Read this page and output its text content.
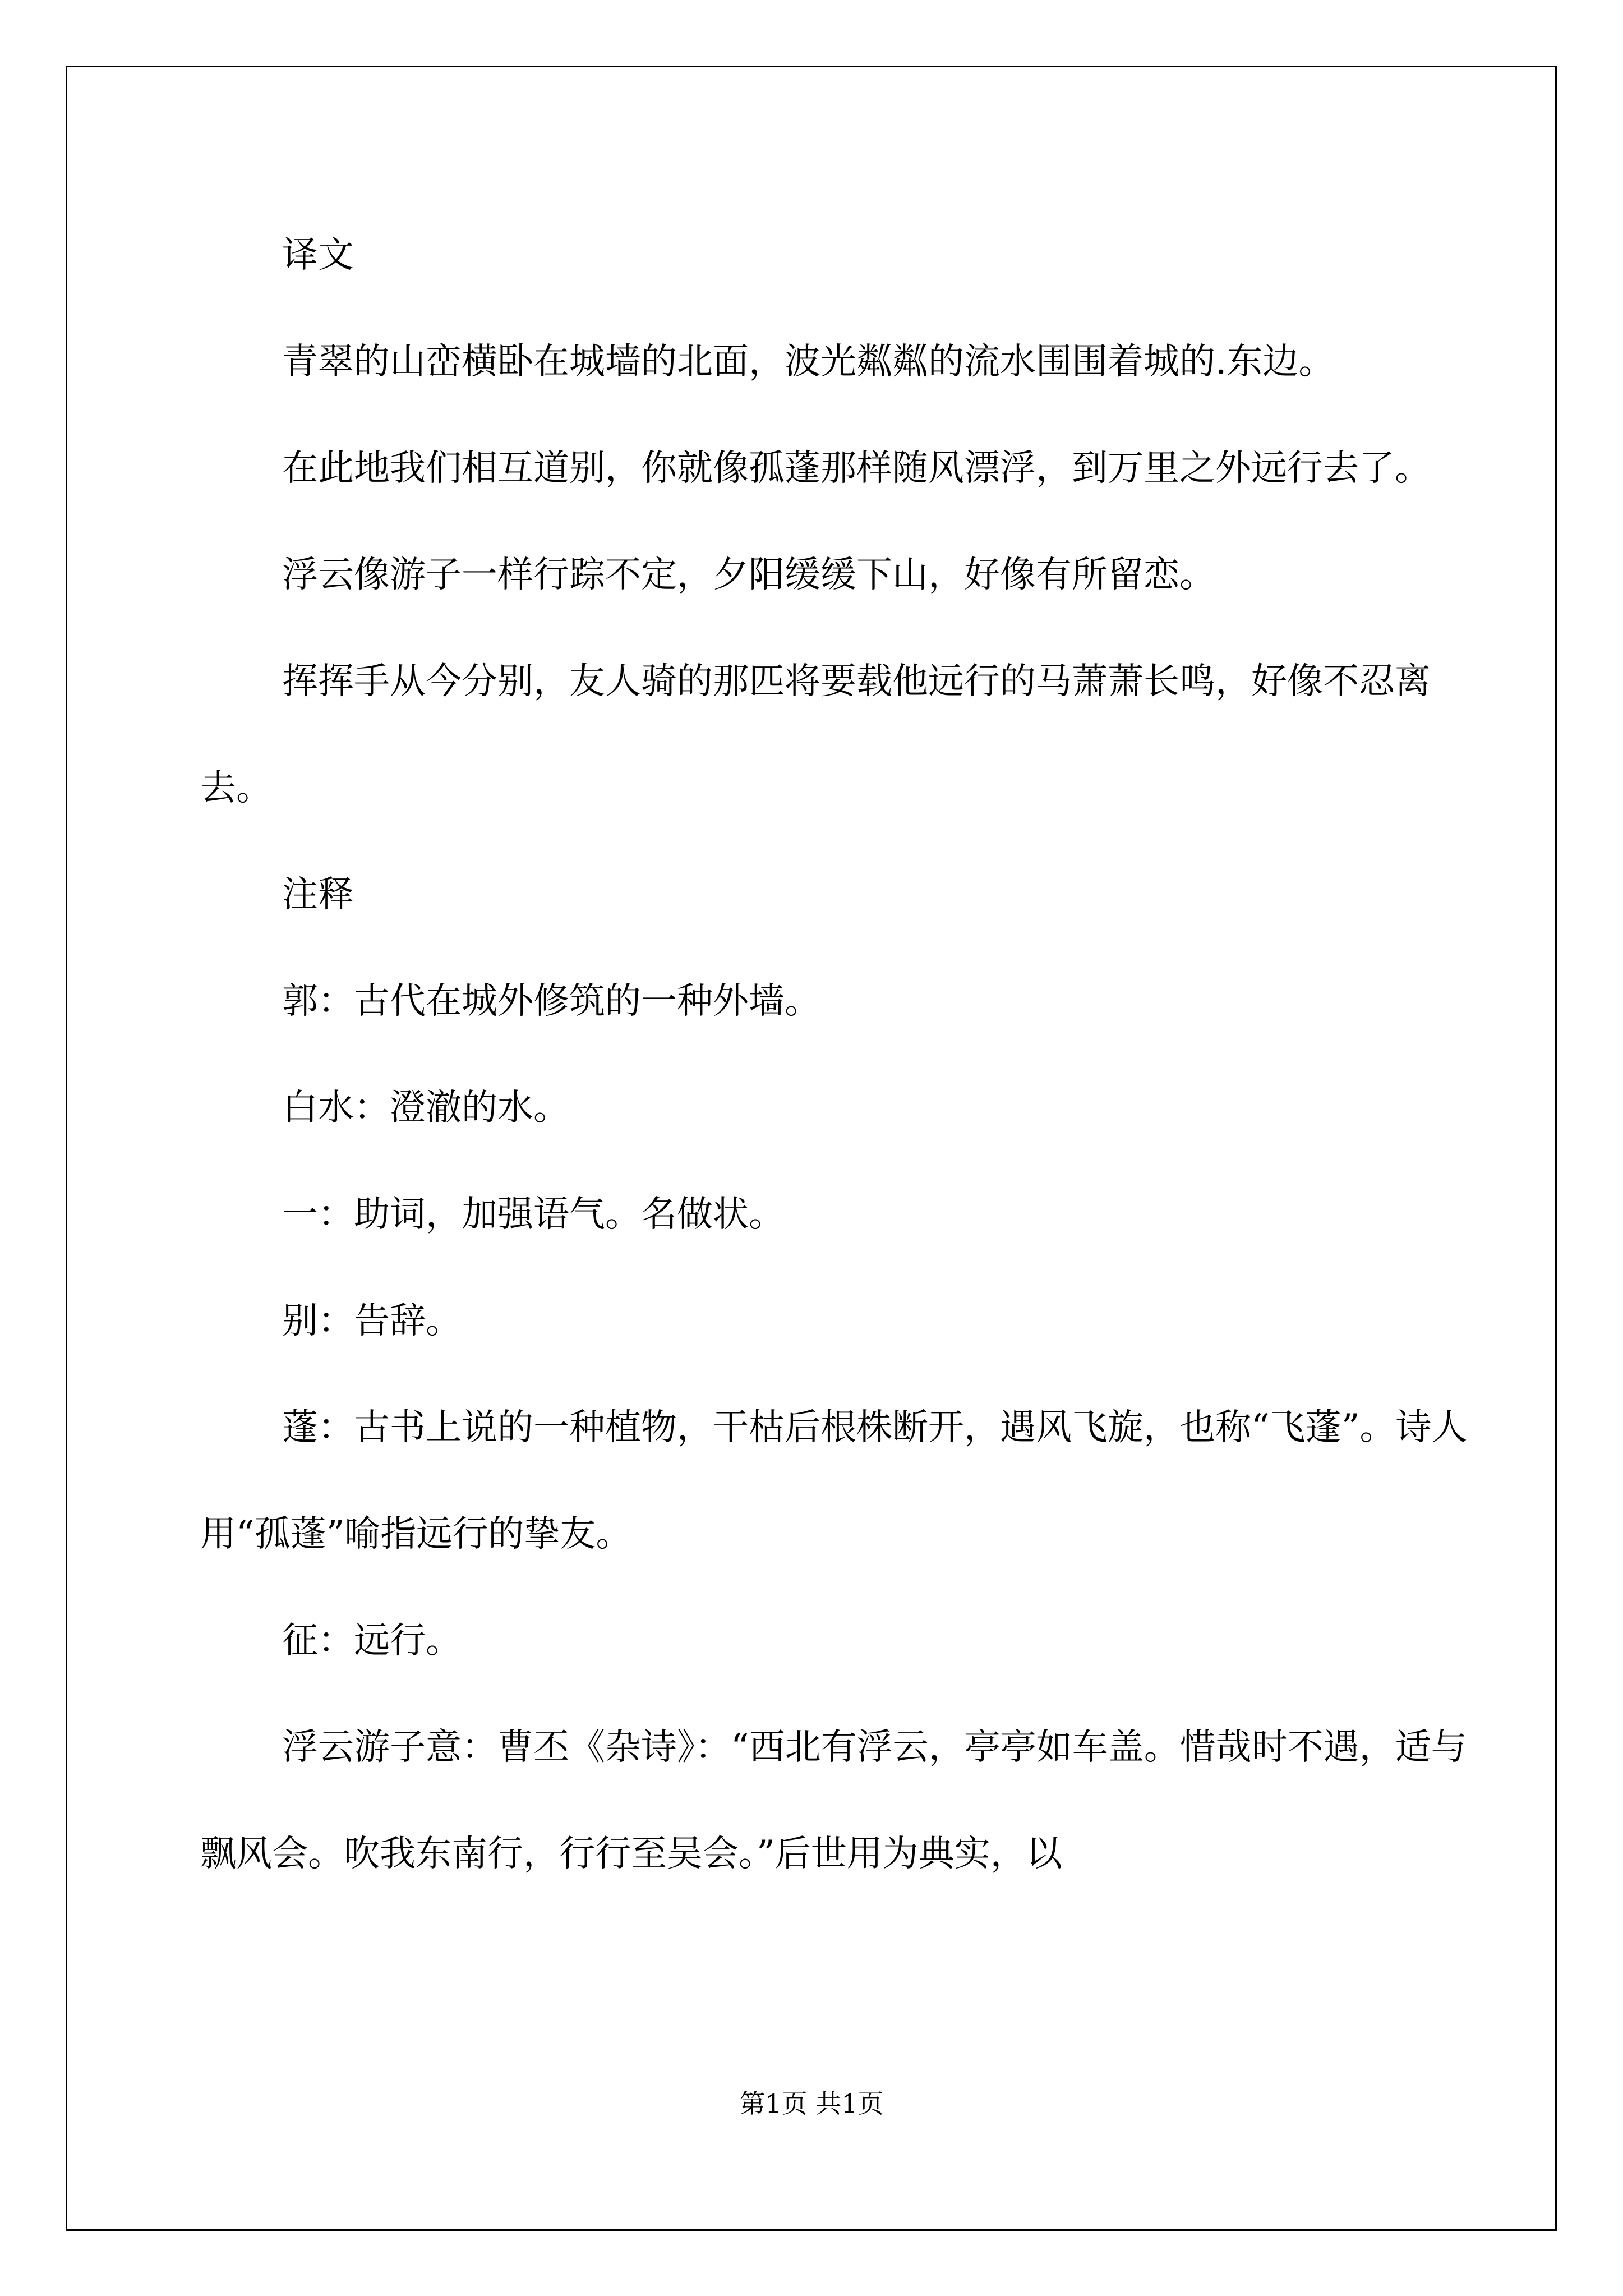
译文

青翠的山峦横卧在城墙的北面，波光粼粼的流水围围着城的.东边。

在此地我们相互道别，你就像孤蓬那样随风漂浮，到万里之外远行去了。

浮云像游子一样行踪不定，夕阳缓缓下山，好像有所留恋。

挥挥手从今分别，友人骑的那匹将要载他远行的马萧萧长鸣，好像不忍离去。

注释

郭：古代在城外修筑的一种外墙。

白水：澄澈的水。

一：助词，加强语气。名做状。

别：告辞。

蓬：古书上说的一种植物，干枯后根株断开，遇风飞旋，也称“飞蓬”。诗人用“孤蓬”喻指远行的挚友。

征：远行。

浮云游子意：曹丕《杂诗》：“西北有浮云，亭亭如车盖。惜哉时不遇，适与飘风会。吹我东南行，行行至吴会。”后世用为典实，以

第1页 共1页
